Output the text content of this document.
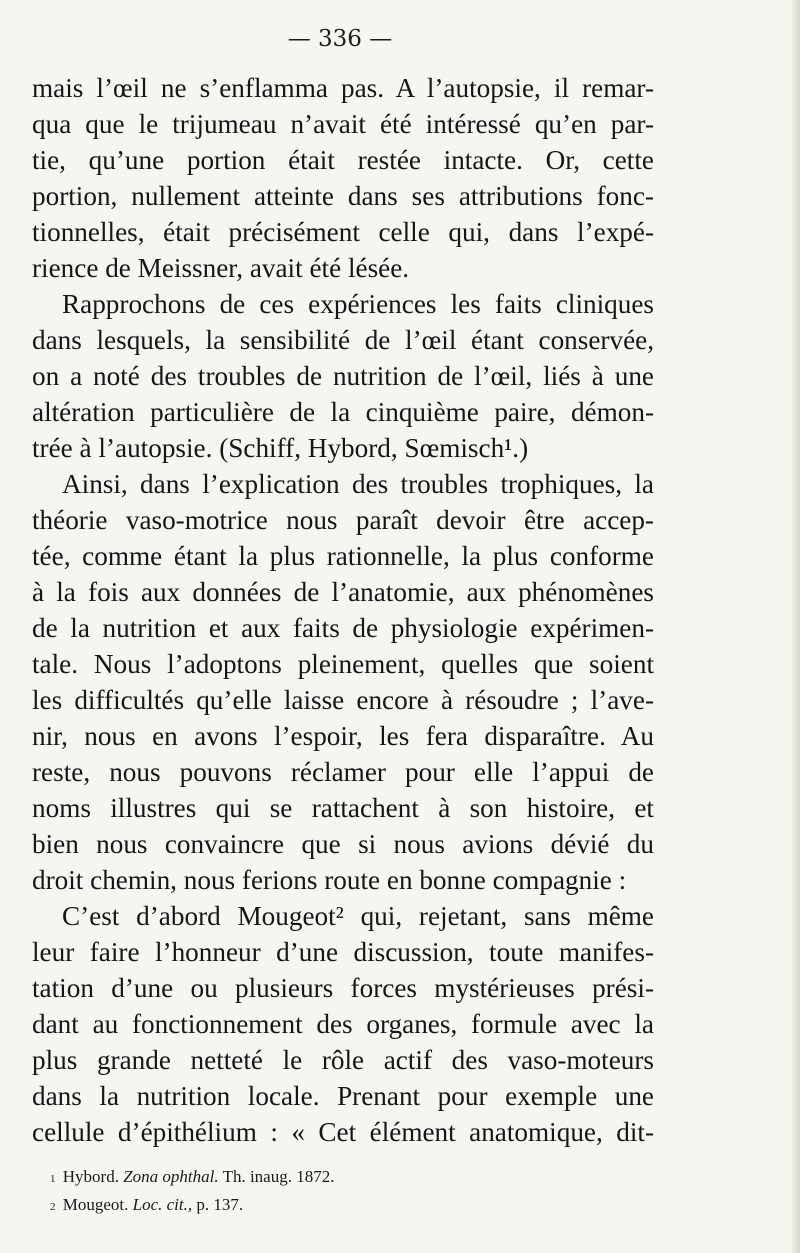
— 336 —
mais l’œil ne s’enflamma pas. A l’autopsie, il remar-
qua que le trijumeau n’avait été intéressé qu’en par-
tie, qu’une portion était restée intacte. Or, cette
portion, nullement atteinte dans ses attributions fonc-
tionnelles, était précisément celle qui, dans l’expé-
rience de Meissner, avait été lésée.
Rapprochons de ces expériences les faits cliniques
dans lesquels, la sensibilité de l’œil étant conservée,
on a noté des troubles de nutrition de l’œil, liés à une
altération particulière de la cinquième paire, démon-
trée à l’autopsie. (Schiff, Hybord, Sœmisch¹.)
Ainsi, dans l’explication des troubles trophiques, la
théorie vaso-motrice nous paraît devoir être accep-
tée, comme étant la plus rationnelle, la plus conforme
à la fois aux données de l’anatomie, aux phénomènes
de la nutrition et aux faits de physiologie expérimen-
tale. Nous l’adoptons pleinement, quelles que soient
les difficultés qu’elle laisse encore à résoudre ; l’ave-
nir, nous en avons l’espoir, les fera disparaître. Au
reste, nous pouvons réclamer pour elle l’appui de
noms illustres qui se rattachent à son histoire, et
bien nous convaincre que si nous avions dévié du
droit chemin, nous ferions route en bonne compagnie :
C’est d’abord Mougeot² qui, rejetant, sans même
leur faire l’honneur d’une discussion, toute manifes-
tation d’une ou plusieurs forces mystérieuses prési-
dant au fonctionnement des organes, formule avec la
plus grande netteté le rôle actif des vaso-moteurs
dans la nutrition locale. Prenant pour exemple une
cellule d’épithélium : « Cet élément anatomique, dit-
$^1$ Hybord. Zona ophthal. Th. inaug. 1872.
$^2$ Mougeot. Loc. cit., p. 137.
